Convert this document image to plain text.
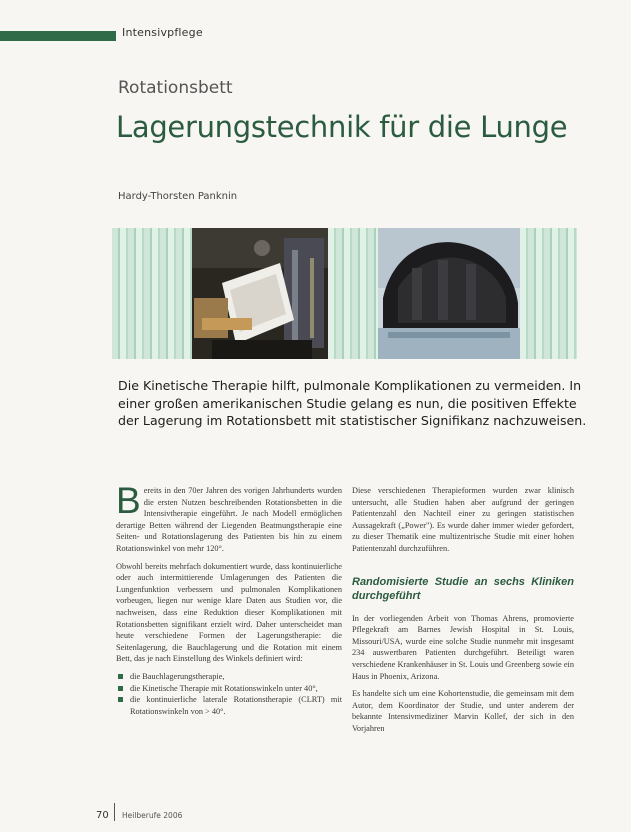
Intensivpflege
Rotationsbett
Lagerungstechnik für die Lunge
Hardy-Thorsten Panknin

Die Kinetische Therapie hilft, pulmonale Komplikationen zu vermeiden. In einer großen amerikanischen Studie gelang es nun, die positiven Effekte der Lagerung im Rotationsbett mit statistischer Signifikanz nachzuweisen.

Bereits in den 70er Jahren des vorigen Jahrhunderts wurden die ersten Nutzen beschreibenden Rotationsbetten in die Intensivtherapie eingeführt. Je nach Modell ermöglichen derartige Betten während der Liegenden Beatmungstherapie eine Seiten- und Rotationslagerung des Patienten bis hin zu einem Rotationswinkel von mehr 120°.

Obwohl bereits mehrfach dokumentiert wurde, dass kontinuierliche oder auch intermittierende Umlagerungen des Patienten die Lungenfunktion verbessern und pulmonalen Komplikationen vorbeugen, liegen nur wenige klare Daten aus Studien vor, die nachweisen, dass eine Reduktion dieser Komplikationen mit Rotationsbetten signifikant erzielt wird. Daher unterscheidet man heute verschiedene Formen der Lagerungstherapie: die Seitenlagerung, die Bauchlagerung und die Rotation mit einem Bett, das je nach Einstellung des Winkels definiert wird:

die Bauchlagerungstherapie,
die Kinetische Therapie mit Rotationswinkeln unter 40°,
die kontinuierliche laterale Rotationstherapie (CLRT) mit Rotationswinkeln von > 40°.

Diese verschiedenen Therapieformen wurden zwar klinisch untersucht, alle Studien haben aber aufgrund der geringen Patientenzahl den Nachteil einer zu geringen statistischen Aussagekraft („Power"). Es wurde daher immer wieder gefordert, zu dieser Thematik eine multizentrische Studie mit einer hohen Patientenzahl durchzuführen.

Randomisierte Studie an sechs Kliniken durchgeführt

In der vorliegenden Arbeit von Thomas Ahrens, promovierte Pflegekraft am Barnes Jewish Hospital in St. Louis, Missouri/USA, wurde eine solche Studie nunmehr mit insgesamt 234 auswertbaren Patienten durchgeführt. Beteiligt waren verschiedene Krankenhäuser in St. Louis und Greenberg sowie ein Haus in Phoenix, Arizona.

Es handelte sich um eine Kohortenstudie, die gemeinsam mit dem Autor, dem Koordinator der Studie, und unter anderem der bekannte Intensivmediziner Marvin Kollef, der sich in den Vorjahren

70 Heilberufe 2006
